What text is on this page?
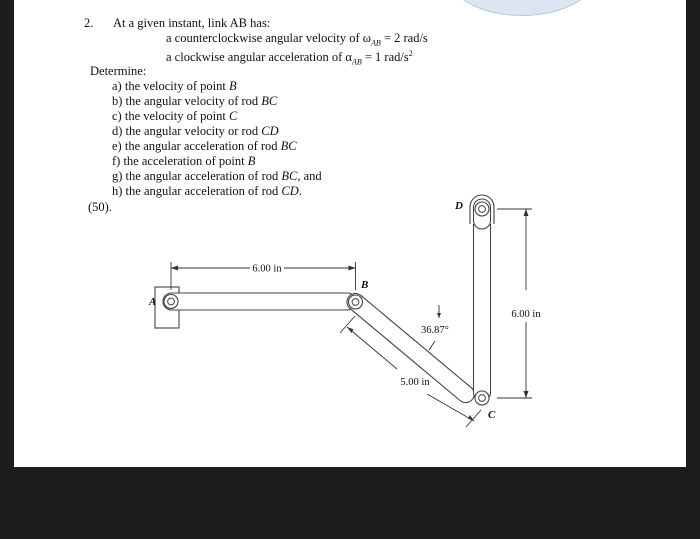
2. At a given instant, link AB has:
a counterclockwise angular velocity of $\omega_{AB} = 2$ rad/s
a clockwise angular acceleration of $\alpha_{AB} = 1$ rad/$s^2$
Determine:
a) the velocity of point B
b) the angular velocity of rod BC
c) the velocity of point C
d) the angular velocity or rod CD
e) the angular acceleration of rod BC
f) the acceleration of point B
g) the angular acceleration of rod BC, and
h) the angular acceleration of rod CD.
(50).
6.00 in
5.00 in
6.00 in
36.87°
A
B
C
D
